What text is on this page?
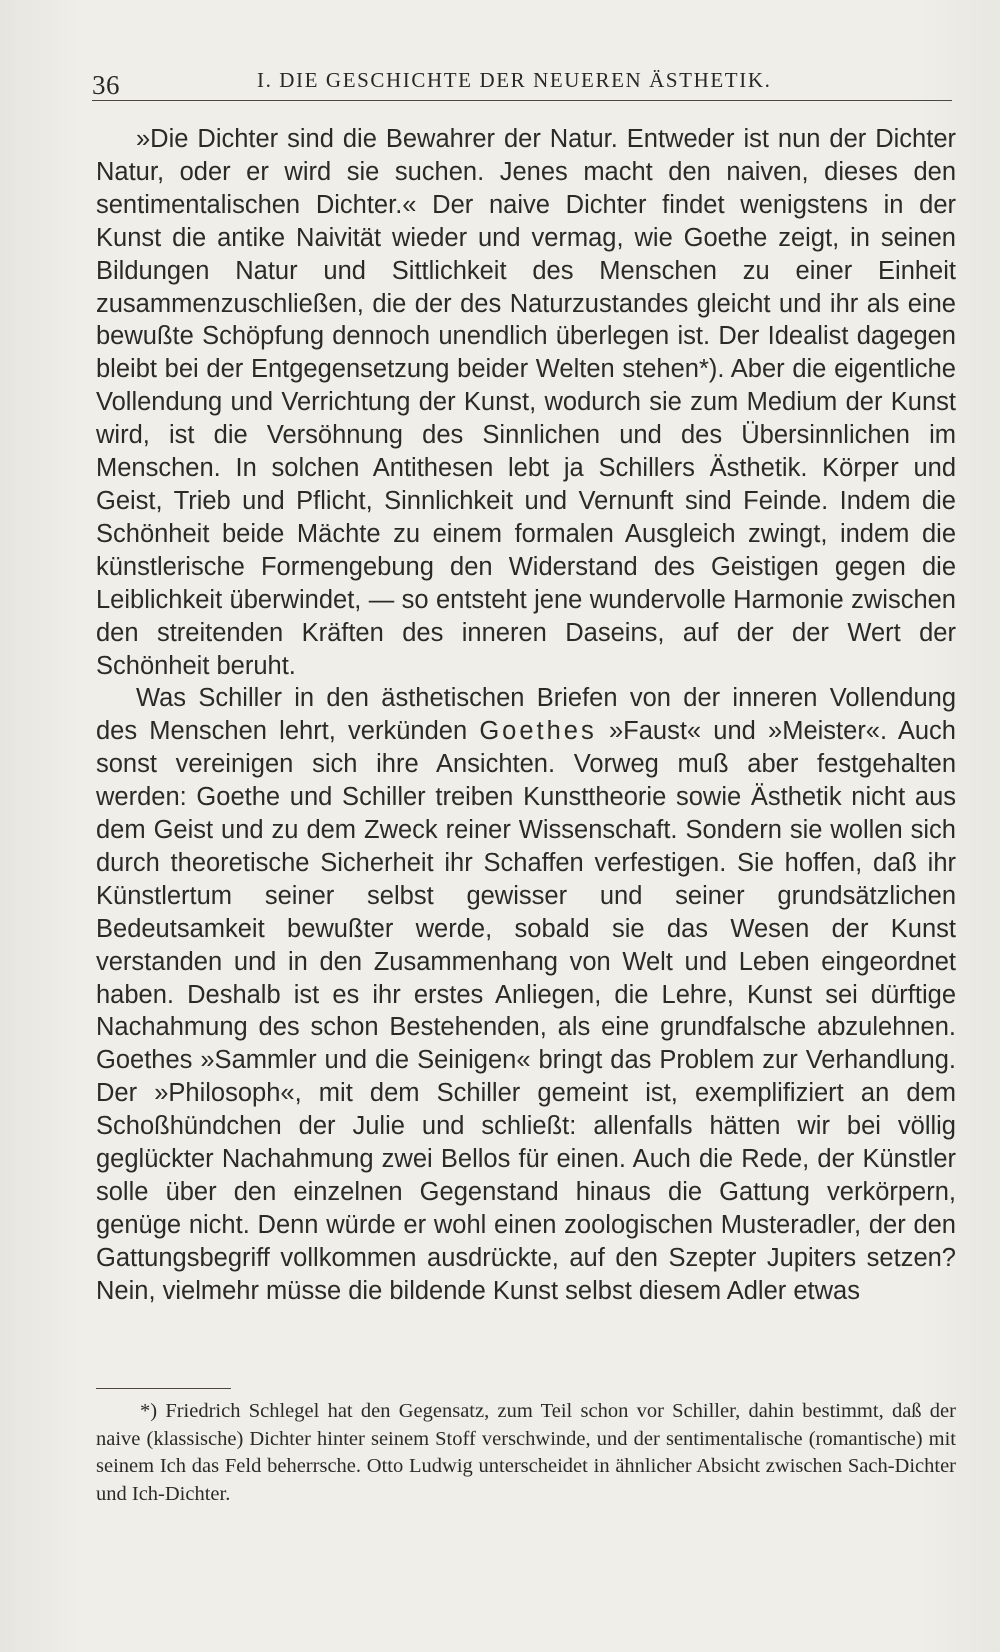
36	I. DIE GESCHICHTE DER NEUEREN ÄSTHETIK.

»Die Dichter sind die Bewahrer der Natur. Entweder ist nun der Dichter Natur, oder er wird sie suchen. Jenes macht den naiven, dieses den sentimentalischen Dichter.« Der naive Dichter findet wenigstens in der Kunst die antike Naivität wieder und vermag, wie Goethe zeigt, in seinen Bildungen Natur und Sittlichkeit des Menschen zu einer Einheit zusammenzuschließen, die der des Naturzustandes gleicht und ihr als eine bewußte Schöpfung dennoch unendlich überlegen ist. Der Idealist dagegen bleibt bei der Entgegensetzung beider Welten stehen*). Aber die eigentliche Vollendung und Verrichtung der Kunst, wodurch sie zum Medium der Kunst wird, ist die Versöhnung des Sinnlichen und des Übersinnlichen im Menschen. In solchen Antithesen lebt ja Schillers Ästhetik. Körper und Geist, Trieb und Pflicht, Sinnlichkeit und Vernunft sind Feinde. Indem die Schönheit beide Mächte zu einem formalen Ausgleich zwingt, indem die künstlerische Formengebung den Widerstand des Geistigen gegen die Leiblichkeit überwindet, — so entsteht jene wundervolle Harmonie zwischen den streitenden Kräften des inneren Daseins, auf der der Wert der Schönheit beruht.

Was Schiller in den ästhetischen Briefen von der inneren Vollendung des Menschen lehrt, verkünden Goethes »Faust« und »Meister«. Auch sonst vereinigen sich ihre Ansichten. Vorweg muß aber festgehalten werden: Goethe und Schiller treiben Kunsttheorie sowie Ästhetik nicht aus dem Geist und zu dem Zweck reiner Wissenschaft. Sondern sie wollen sich durch theoretische Sicherheit ihr Schaffen verfestigen. Sie hoffen, daß ihr Künstlertum seiner selbst gewisser und seiner grundsätzlichen Bedeutsamkeit bewußter werde, sobald sie das Wesen der Kunst verstanden und in den Zusammenhang von Welt und Leben eingeordnet haben. Deshalb ist es ihr erstes Anliegen, die Lehre, Kunst sei dürftige Nachahmung des schon Bestehenden, als eine grundfalsche abzulehnen. Goethes »Sammler und die Seinigen« bringt das Problem zur Verhandlung. Der »Philosoph«, mit dem Schiller gemeint ist, exemplifiziert an dem Schoßhündchen der Julie und schließt: allenfalls hätten wir bei völlig geglückter Nachahmung zwei Bellos für einen. Auch die Rede, der Künstler solle über den einzelnen Gegenstand hinaus die Gattung verkörpern, genüge nicht. Denn würde er wohl einen zoologischen Musteradler, der den Gattungsbegriff vollkommen ausdrückte, auf den Szepter Jupiters setzen? Nein, vielmehr müsse die bildende Kunst selbst diesem Adler etwas

*) Friedrich Schlegel hat den Gegensatz, zum Teil schon vor Schiller, dahin bestimmt, daß der naive (klassische) Dichter hinter seinem Stoff verschwinde, und der sentimentalische (romantische) mit seinem Ich das Feld beherrsche. Otto Ludwig unterscheidet in ähnlicher Absicht zwischen Sach-Dichter und Ich-Dichter.
